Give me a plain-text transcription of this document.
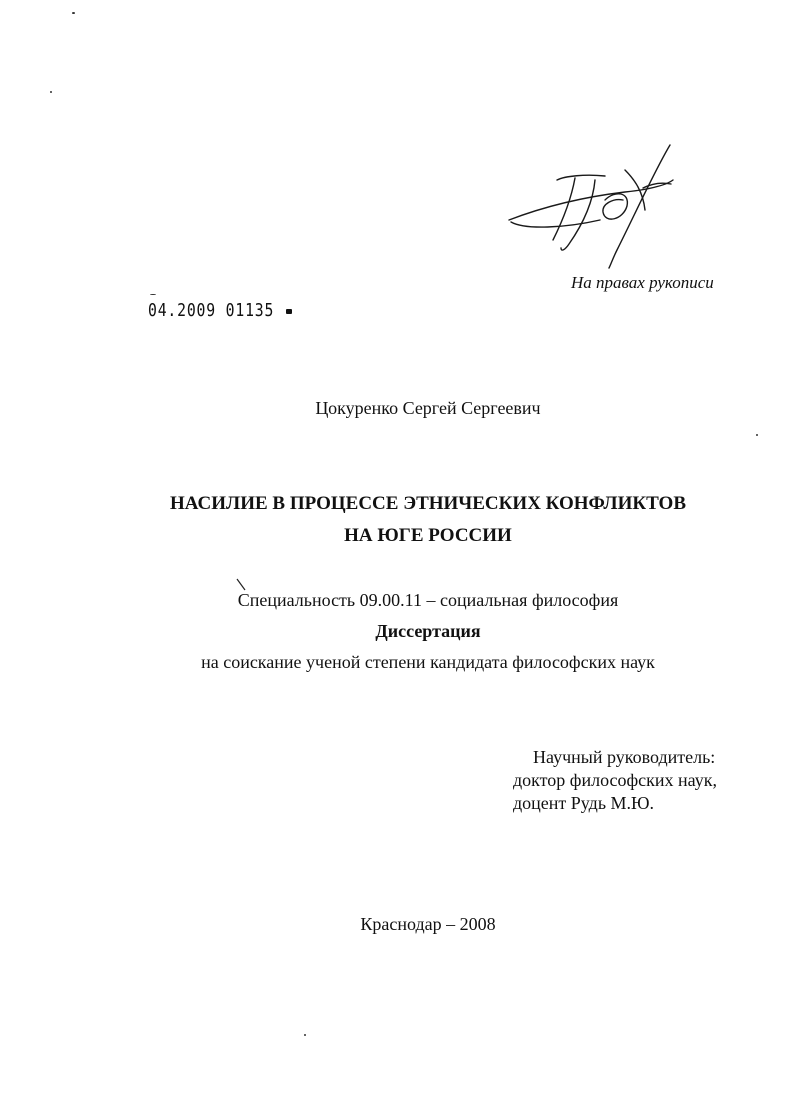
На правах рукописи
04.2009 01135
Цокуренко Сергей Сергеевич
НАСИЛИЕ В ПРОЦЕССЕ ЭТНИЧЕСКИХ КОНФЛИКТОВ
НА ЮГЕ РОССИИ
Специальность 09.00.11 – социальная философия
Диссертация
на соискание ученой степени кандидата философских наук
Научный руководитель:
доктор философских наук,
доцент Рудь М.Ю.
Краснодар – 2008
